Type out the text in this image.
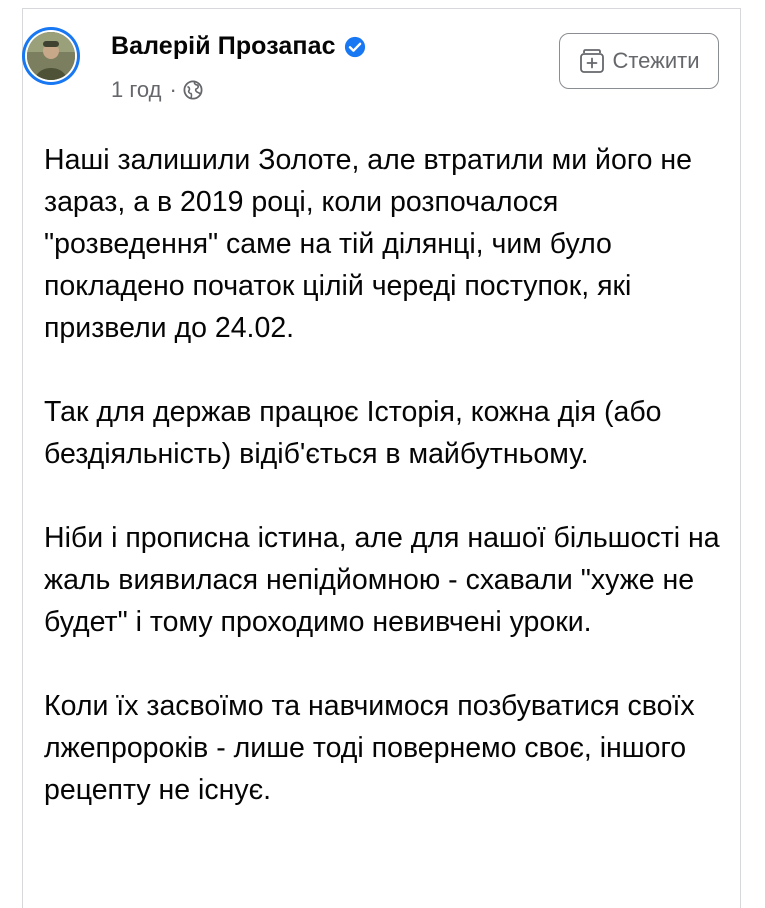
Валерій Прозапас
1 год ·
Стежити

Наші залишили Золоте, але втратили ми його не зараз, а в 2019 році, коли розпочалося "розведення" саме на тій ділянці, чим було покладено початок цілій череді поступок, які призвели до 24.02.

Так для держав працює Історія, кожна дія (або бездіяльність) відіб'ється в майбутньому.

Ніби і прописна істина, але для нашої більшості на жаль виявилася непідйомною - схавали "хуже не будет" і тому проходимо невивчені уроки.

Коли їх засвоїмо та навчимося позбуватися своїх лжепророків - лише тоді повернемо своє, іншого рецепту не існує.
